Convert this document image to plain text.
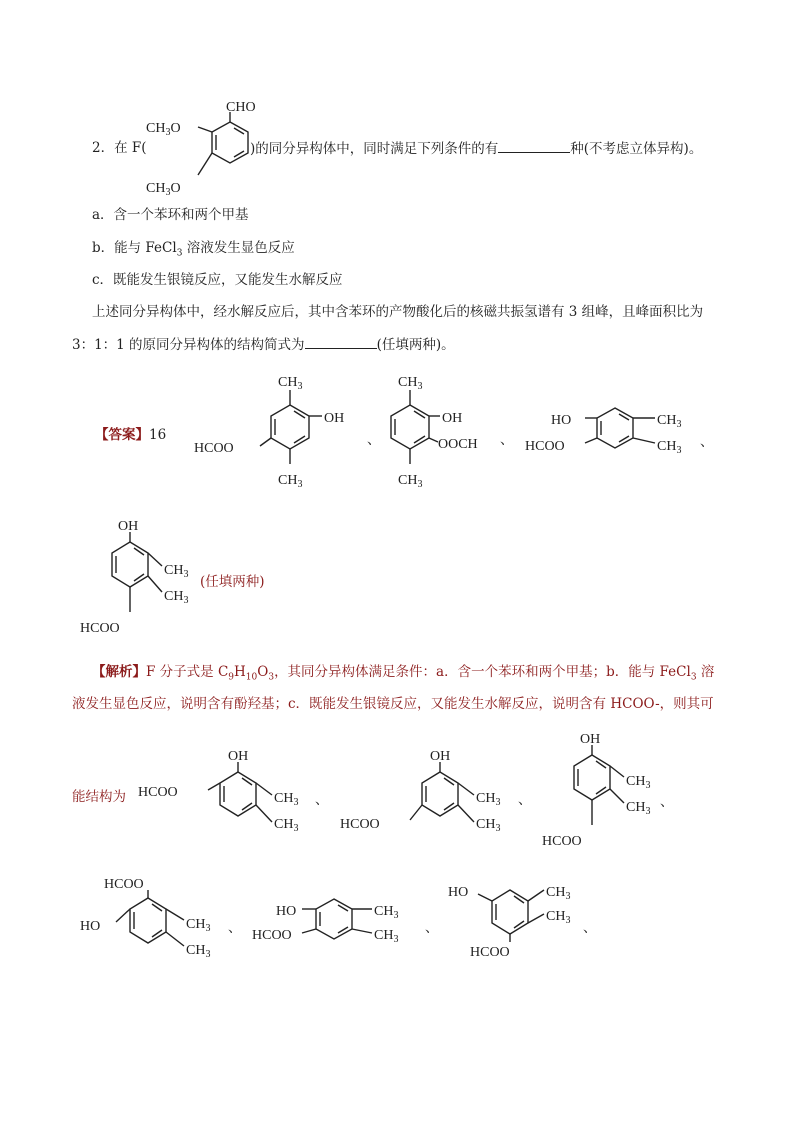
2．在 F(
CHO
$CH_3O$
$CH_3O$
)的同分异构体中，同时满足下列条件的有	种(不考虑立体异构)。
a．含一个苯环和两个甲基
b．能与 FeCl$_3$ 溶液发生显色反应
c．既能发生银镜反应，又能发生水解反应
上述同分异构体中，经水解反应后，其中含苯环的产物酸化后的核磁共振氢谱有 3 组峰，且峰面积比为
3：1：1 的原同分异构体的结构简式为	(任填两种)。
【答案】16
$CH_3$
OH
$CH_3$
HCOO
、
$CH_3$
OH
OOCH
$CH_3$
、
HO
HCOO
$CH_3$
$CH_3$
、
OH
$CH_3$
$CH_3$
HCOO
(任填两种)
【解析】F 分子式是 $C_9H_{10}O_3$，其同分异构体满足条件：a．含一个苯环和两个甲基；b．能与 FeCl$_3$ 溶
液发生显色反应，说明含有酚羟基；c．既能发生银镜反应，又能发生水解反应，说明含有 HCOO-，则其可
能结构为
OH
HCOO	$CH_3$
$CH_3$
、
OH
HCOO
$CH_3$
$CH_3$
、
OH
$CH_3$
$CH_3$
HCOO
、
HCOO
HO	$CH_3$
$CH_3$
、
HO
HCOO
$CH_3$
$CH_3$
、
HO	$CH_3$
$CH_3$
HCOO
、
